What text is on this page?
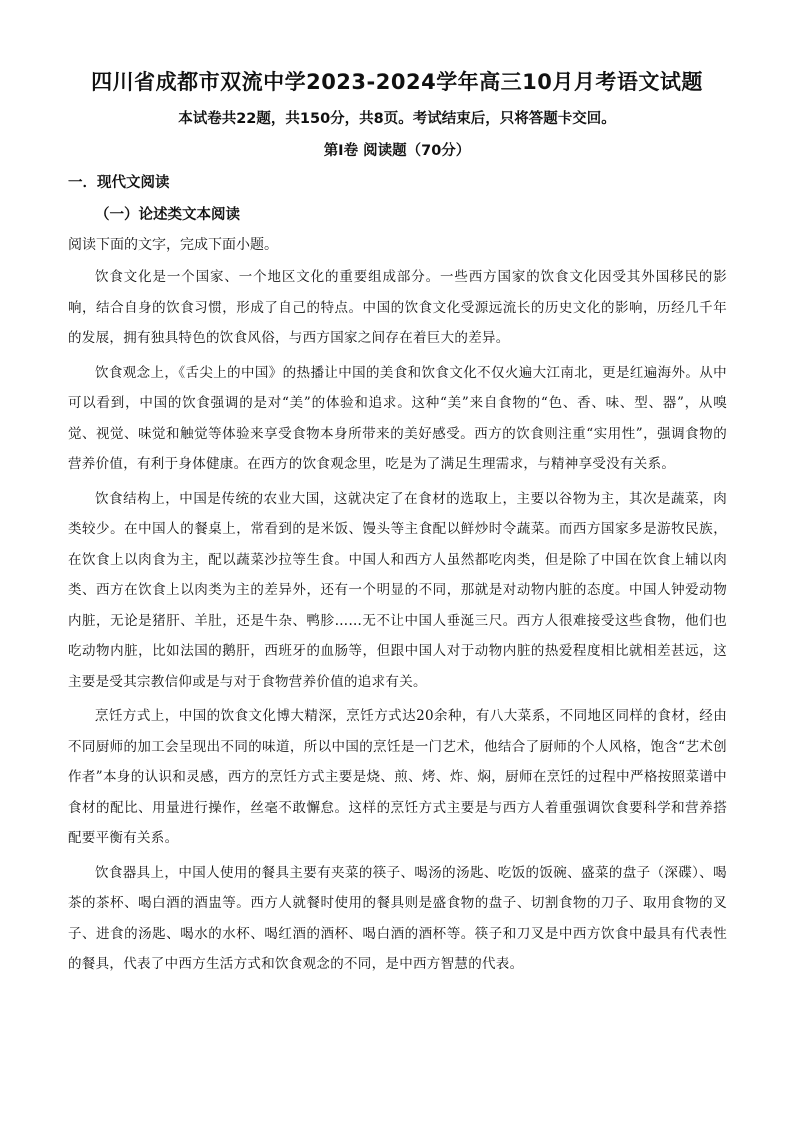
四川省成都市双流中学2023-2024学年高三10月月考语文试题
本试卷共22题，共150分，共8页。考试结束后，只将答题卡交回。
第I卷 阅读题（70分）
一．现代文阅读
（一）论述类文本阅读
阅读下面的文字，完成下面小题。

饮食文化是一个国家、一个地区文化的重要组成部分。一些西方国家的饮食文化因受其外国移民的影响，结合自身的饮食习惯，形成了自己的特点。中国的饮食文化受源远流长的历史文化的影响，历经几千年的发展，拥有独具特色的饮食风俗，与西方国家之间存在着巨大的差异。

饮食观念上，《舌尖上的中国》的热播让中国的美食和饮食文化不仅火遍大江南北，更是红遍海外。从中可以看到，中国的饮食强调的是对“美”的体验和追求。这种“美”来自食物的“色、香、味、型、器”，从嗅觉、视觉、味觉和触觉等体验来享受食物本身所带来的美好感受。西方的饮食则注重“实用性”，强调食物的营养价值，有利于身体健康。在西方的饮食观念里，吃是为了满足生理需求，与精神享受没有关系。

饮食结构上，中国是传统的农业大国，这就决定了在食材的选取上，主要以谷物为主，其次是蔬菜，肉类较少。在中国人的餐桌上，常看到的是米饭、馒头等主食配以鲜炒时令蔬菜。而西方国家多是游牧民族，在饮食上以肉食为主，配以蔬菜沙拉等生食。中国人和西方人虽然都吃肉类，但是除了中国在饮食上辅以肉类、西方在饮食上以肉类为主的差异外，还有一个明显的不同，那就是对动物内脏的态度。中国人钟爱动物内脏，无论是猪肝、羊肚，还是牛杂、鸭胗……无不让中国人垂涎三尺。西方人很难接受这些食物，他们也吃动物内脏，比如法国的鹅肝，西班牙的血肠等，但跟中国人对于动物内脏的热爱程度相比就相差甚远，这主要是受其宗教信仰或是与对于食物营养价值的追求有关。

烹饪方式上，中国的饮食文化博大精深，烹饪方式达20余种，有八大菜系，不同地区同样的食材，经由不同厨师的加工会呈现出不同的味道，所以中国的烹饪是一门艺术，他结合了厨师的个人风格，饱含“艺术创作者”本身的认识和灵感，西方的烹饪方式主要是烧、煎、烤、炸、焖，厨师在烹饪的过程中严格按照菜谱中食材的配比、用量进行操作，丝毫不敢懈怠。这样的烹饪方式主要是与西方人着重强调饮食要科学和营养搭配要平衡有关系。

饮食器具上，中国人使用的餐具主要有夹菜的筷子、喝汤的汤匙、吃饭的饭碗、盛菜的盘子（深碟）、喝茶的茶杯、喝白酒的酒盅等。西方人就餐时使用的餐具则是盛食物的盘子、切割食物的刀子、取用食物的叉子、进食的汤匙、喝水的水杯、喝红酒的酒杯、喝白酒的酒杯等。筷子和刀叉是中西方饮食中最具有代表性的餐具，代表了中西方生活方式和饮食观念的不同，是中西方智慧的代表。
